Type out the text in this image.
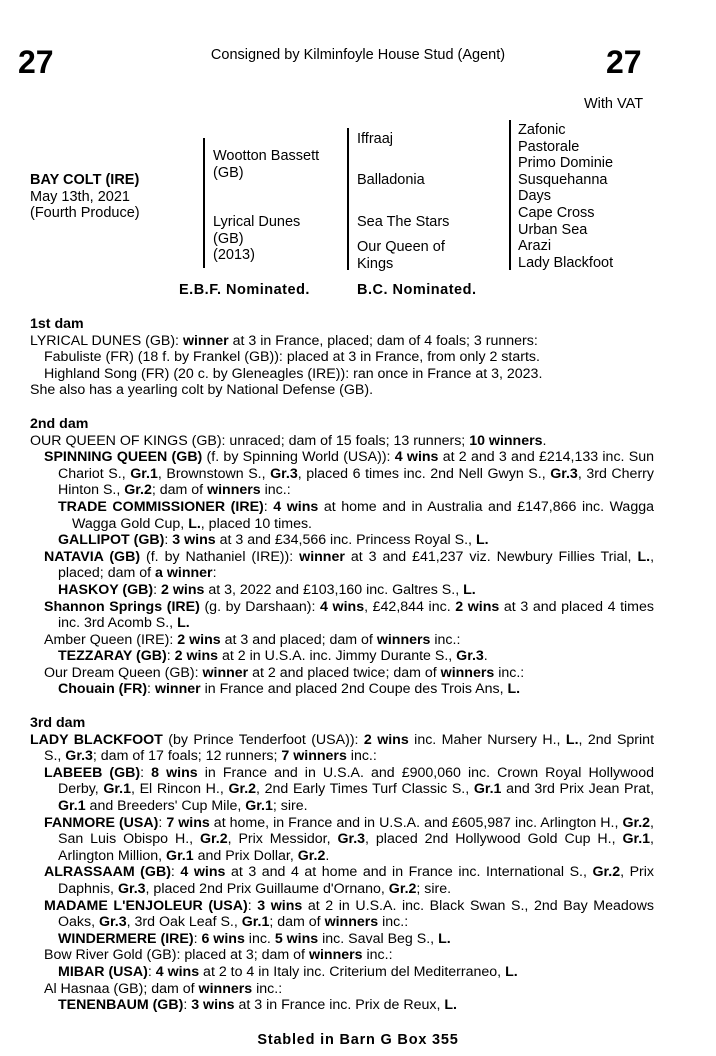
27	Consigned by Kilminfoyle House Stud (Agent)	27
With VAT
BAY COLT (IRE)
May 13th, 2021
(Fourth Produce)
Wootton Bassett
(GB)
Lyrical Dunes
(GB)
(2013)
Iffraaj
Balladonia
Sea The Stars
Our Queen of
Kings
Zafonic
Pastorale
Primo Dominie
Susquehanna
Days
Cape Cross
Urban Sea
Arazi
Lady Blackfoot
E.B.F. Nominated.	B.C. Nominated.
1st dam
LYRICAL DUNES (GB): winner at 3 in France, placed; dam of 4 foals; 3 runners:
Fabuliste (FR) (18 f. by Frankel (GB)): placed at 3 in France, from only 2 starts.
Highland Song (FR) (20 c. by Gleneagles (IRE)): ran once in France at 3, 2023.
She also has a yearling colt by National Defense (GB).
2nd dam
OUR QUEEN OF KINGS (GB): unraced; dam of 15 foals; 13 runners; 10 winners.
SPINNING QUEEN (GB) (f. by Spinning World (USA)): 4 wins at 2 and 3 and £214,133 inc. Sun Chariot S., Gr.1, Brownstown S., Gr.3, placed 6 times inc. 2nd Nell Gwyn S., Gr.3, 3rd Cherry Hinton S., Gr.2; dam of winners inc.:
TRADE COMMISSIONER (IRE): 4 wins at home and in Australia and £147,866 inc. Wagga Wagga Gold Cup, L., placed 10 times.
GALLIPOT (GB): 3 wins at 3 and £34,566 inc. Princess Royal S., L.
NATAVIA (GB) (f. by Nathaniel (IRE)): winner at 3 and £41,237 viz. Newbury Fillies Trial, L., placed; dam of a winner:
HASKOY (GB): 2 wins at 3, 2022 and £103,160 inc. Galtres S., L.
Shannon Springs (IRE) (g. by Darshaan): 4 wins, £42,844 inc. 2 wins at 3 and placed 4 times inc. 3rd Acomb S., L.
Amber Queen (IRE): 2 wins at 3 and placed; dam of winners inc.:
TEZZARAY (GB): 2 wins at 2 in U.S.A. inc. Jimmy Durante S., Gr.3.
Our Dream Queen (GB): winner at 2 and placed twice; dam of winners inc.:
Chouain (FR): winner in France and placed 2nd Coupe des Trois Ans, L.
3rd dam
LADY BLACKFOOT (by Prince Tenderfoot (USA)): 2 wins inc. Maher Nursery H., L., 2nd Sprint S., Gr.3; dam of 17 foals; 12 runners; 7 winners inc.:
LABEEB (GB): 8 wins in France and in U.S.A. and £900,060 inc. Crown Royal Hollywood Derby, Gr.1, El Rincon H., Gr.2, 2nd Early Times Turf Classic S., Gr.1 and 3rd Prix Jean Prat, Gr.1 and Breeders' Cup Mile, Gr.1; sire.
FANMORE (USA): 7 wins at home, in France and in U.S.A. and £605,987 inc. Arlington H., Gr.2, San Luis Obispo H., Gr.2, Prix Messidor, Gr.3, placed 2nd Hollywood Gold Cup H., Gr.1, Arlington Million, Gr.1 and Prix Dollar, Gr.2.
ALRASSAAM (GB): 4 wins at 3 and 4 at home and in France inc. International S., Gr.2, Prix Daphnis, Gr.3, placed 2nd Prix Guillaume d'Ornano, Gr.2; sire.
MADAME L'ENJOLEUR (USA): 3 wins at 2 in U.S.A. inc. Black Swan S., 2nd Bay Meadows Oaks, Gr.3, 3rd Oak Leaf S., Gr.1; dam of winners inc.:
WINDERMERE (IRE): 6 wins inc. 5 wins inc. Saval Beg S., L.
Bow River Gold (GB): placed at 3; dam of winners inc.:
MIBAR (USA): 4 wins at 2 to 4 in Italy inc. Criterium del Mediterraneo, L.
Al Hasnaa (GB); dam of winners inc.:
TENENBAUM (GB): 3 wins at 3 in France inc. Prix de Reux, L.
Stabled in Barn G Box 355
